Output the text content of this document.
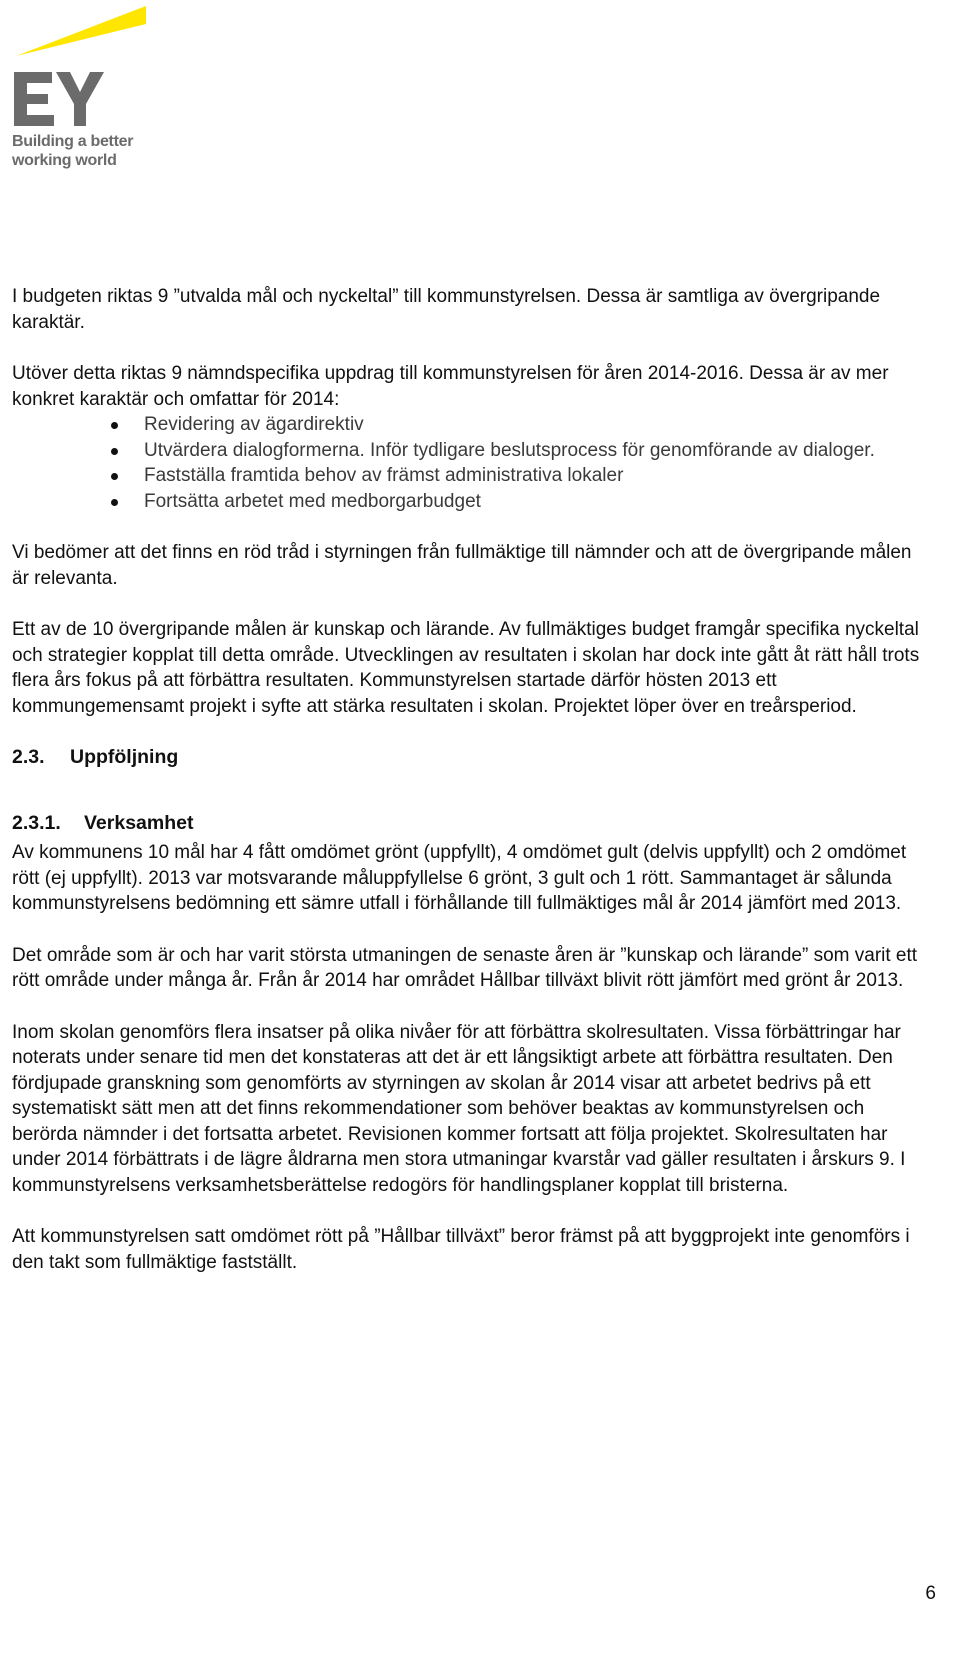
Building a better
working world

I budgeten riktas 9 ”utvalda mål och nyckeltal” till kommunstyrelsen. Dessa är samtliga av övergripande karaktär.

Utöver detta riktas 9 nämndspecifika uppdrag till kommunstyrelsen för åren 2014-2016. Dessa är av mer konkret karaktär och omfattar för 2014:

Revidering av ägardirektiv
Utvärdera dialogformerna. Inför tydligare beslutsprocess för genomförande av dialoger.
Fastställa framtida behov av främst administrativa lokaler
Fortsätta arbetet med medborgarbudget

Vi bedömer att det finns en röd tråd i styrningen från fullmäktige till nämnder och att de övergripande målen är relevanta.

Ett av de 10 övergripande målen är kunskap och lärande. Av fullmäktiges budget framgår specifika nyckeltal och strategier kopplat till detta område. Utvecklingen av resultaten i skolan har dock inte gått åt rätt håll trots flera års fokus på att förbättra resultaten. Kommunstyrelsen startade därför hösten 2013 ett kommungemensamt projekt i syfte att stärka resultaten i skolan. Projektet löper över en treårsperiod.

2.3.	Uppföljning
2.3.1.	Verksamhet

Av kommunens 10 mål har 4 fått omdömet grönt (uppfyllt), 4 omdömet gult (delvis uppfyllt) och 2 omdömet rött (ej uppfyllt). 2013 var motsvarande måluppfyllelse 6 grönt, 3 gult och 1 rött. Sammantaget är sålunda kommunstyrelsens bedömning ett sämre utfall i förhållande till fullmäktiges mål år 2014 jämfört med 2013.

Det område som är och har varit största utmaningen de senaste åren är ”kunskap och lärande” som varit ett rött område under många år. Från år 2014 har området Hållbar tillväxt blivit rött jämfört med grönt år 2013.

Inom skolan genomförs flera insatser på olika nivåer för att förbättra skolresultaten. Vissa förbättringar har noterats under senare tid men det konstateras att det är ett långsiktigt arbete att förbättra resultaten. Den fördjupade granskning som genomförts av styrningen av skolan år 2014 visar att arbetet bedrivs på ett systematiskt sätt men att det finns rekommendationer som behöver beaktas av kommunstyrelsen och berörda nämnder i det fortsatta arbetet. Revisionen kommer fortsatt att följa projektet. Skolresultaten har under 2014 förbättrats i de lägre åldrarna men stora utmaningar kvarstår vad gäller resultaten i årskurs 9. I kommunstyrelsens verksamhetsberättelse redogörs för handlingsplaner kopplat till bristerna.

Att kommunstyrelsen satt omdömet rött på ”Hållbar tillväxt” beror främst på att byggprojekt inte genomförs i den takt som fullmäktige fastställt.

6
